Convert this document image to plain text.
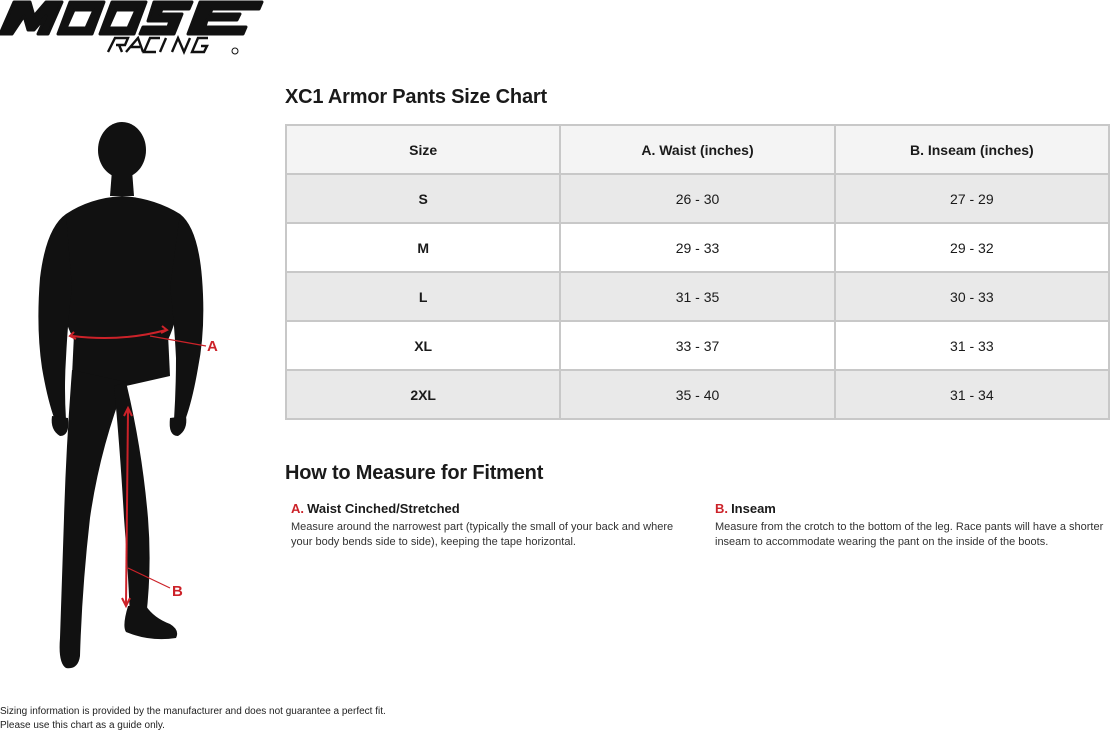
A
B
XC1 Armor Pants Size Chart
Size	A. Waist (inches)	B. Inseam (inches)
S	26 - 30	27 - 29
M	29 - 33	29 - 32
L	31 - 35	30 - 33
XL	33 - 37	31 - 33
2XL	35 - 40	31 - 34
How to Measure for Fitment
A. Waist Cinched/Stretched
Measure around the narrowest part (typically the small of your back and where your body bends side to side), keeping the tape horizontal.
B. Inseam
Measure from the crotch to the bottom of the leg. Race pants will have a shorter inseam to accommodate wearing the pant on the inside of the boots.
Sizing information is provided by the manufacturer and does not guarantee a perfect fit.
Please use this chart as a guide only.
